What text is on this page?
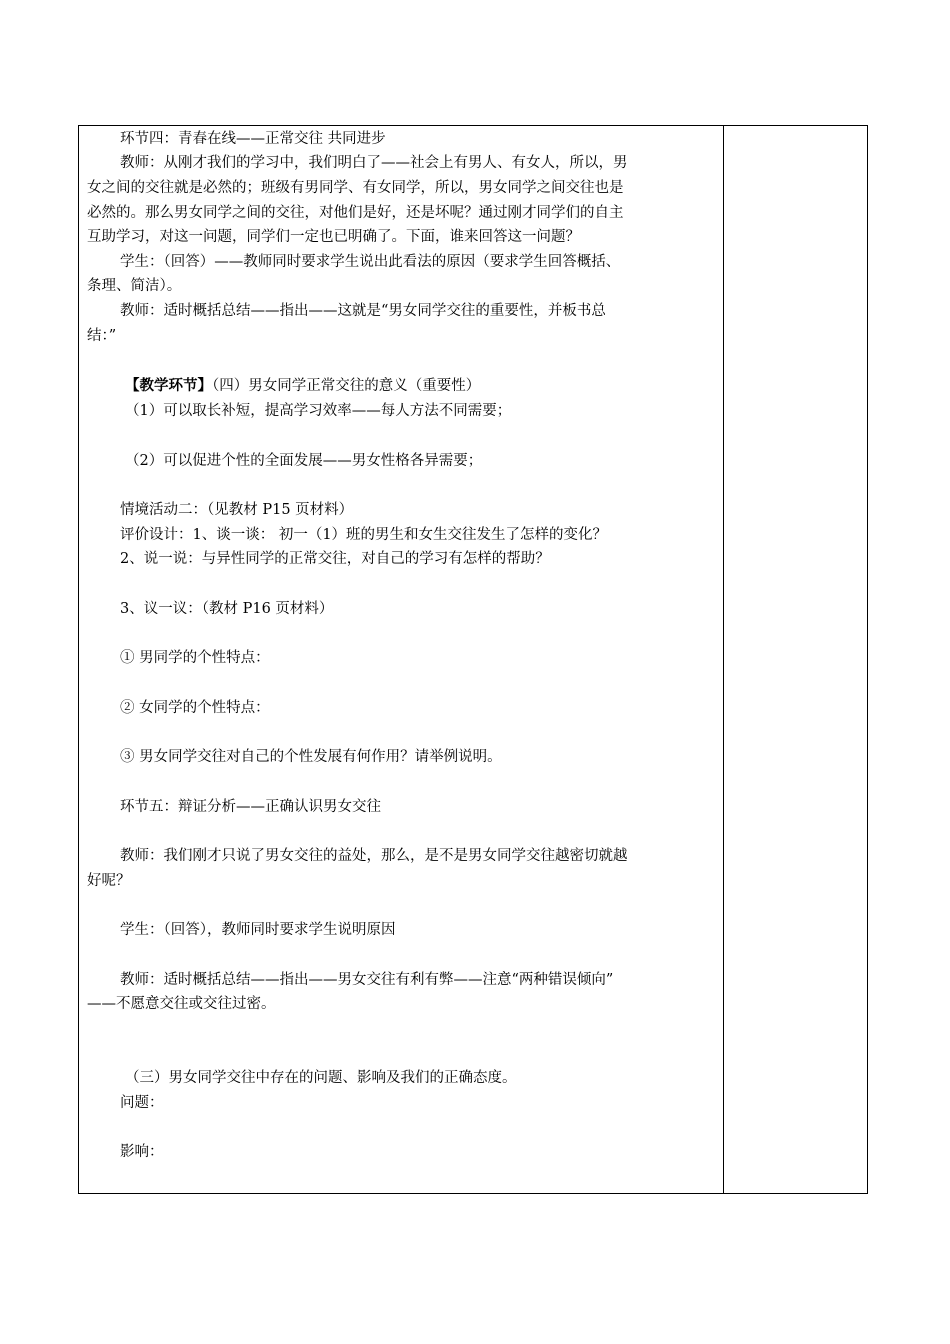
环节四：青春在线——正常交往 共同进步
教师：从刚才我们的学习中，我们明白了——社会上有男人、有女人，所以，男
女之间的交往就是必然的；班级有男同学、有女同学，所以，男女同学之间交往也是
必然的。那么男女同学之间的交往，对他们是好，还是坏呢？通过刚才同学们的自主
互助学习，对这一问题，同学们一定也已明确了。下面，谁来回答这一问题？
学生：（回答）——教师同时要求学生说出此看法的原因（要求学生回答概括、
条理、简洁）。
教师：适时概括总结——指出——这就是“男女同学交往的重要性，并板书总
结：”
【教学环节】（四）男女同学正常交往的意义（重要性）
（1）可以取长补短，提高学习效率——每人方法不同需要；
（2）可以促进个性的全面发展——男女性格各异需要；
情境活动二：（见教材 P15 页材料）
评价设计：1、谈一谈： 初一（1）班的男生和女生交往发生了怎样的变化？
2、说一说：与异性同学的正常交往，对自己的学习有怎样的帮助？
3、议一议：（教材 P16 页材料）
① 男同学的个性特点：
② 女同学的个性特点：
③ 男女同学交往对自己的个性发展有何作用？请举例说明。
环节五：辩证分析——正确认识男女交往
教师：我们刚才只说了男女交往的益处，那么，是不是男女同学交往越密切就越
好呢？
学生：（回答），教师同时要求学生说明原因
教师：适时概括总结——指出——男女交往有利有弊——注意“两种错误倾向”
——不愿意交往或交往过密。
（三）男女同学交往中存在的问题、影响及我们的正确态度。
问题：
影响：
